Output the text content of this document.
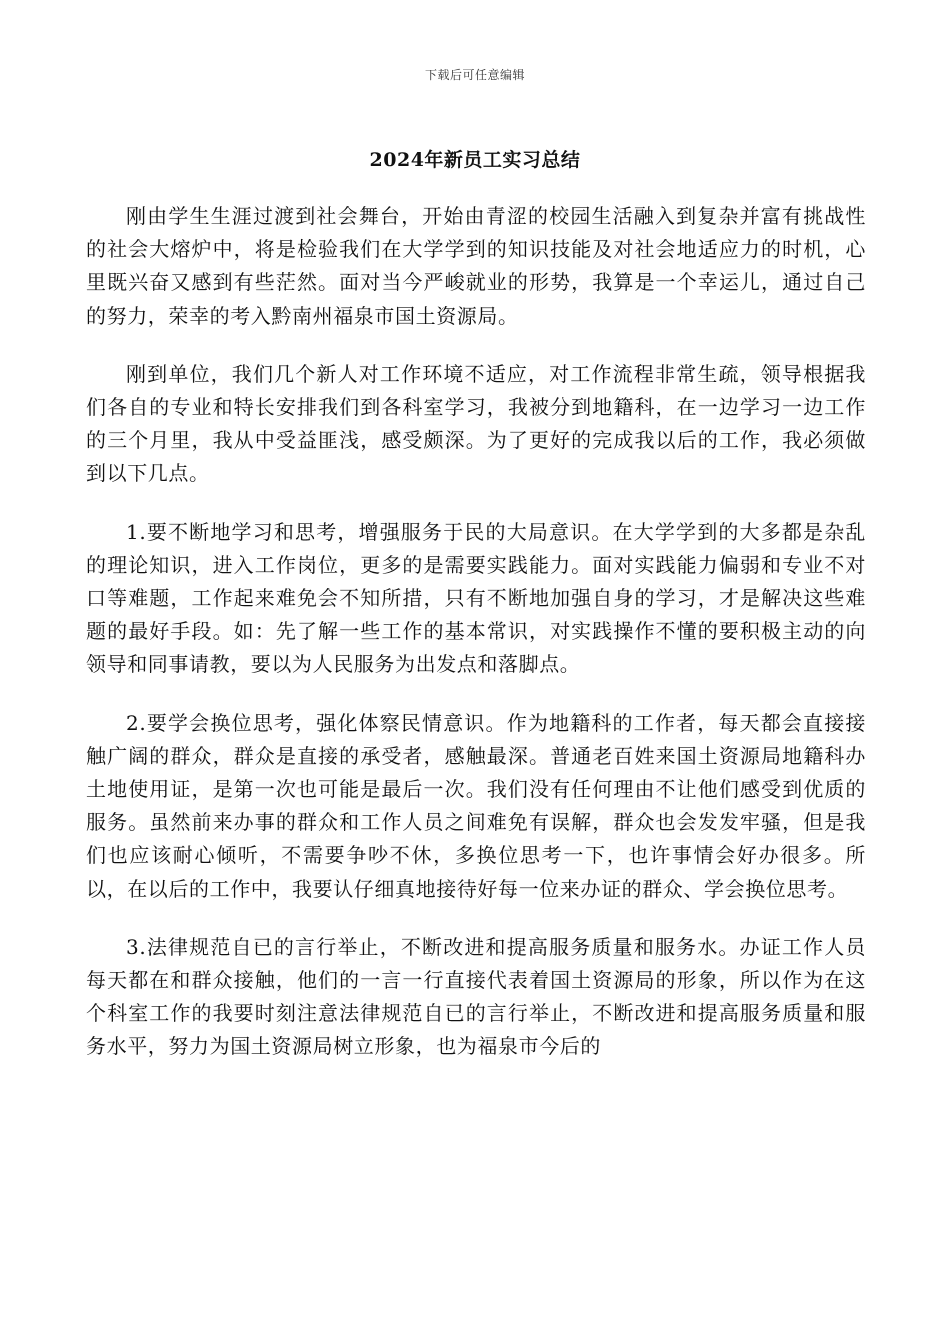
下载后可任意编辑
2024年新员工实习总结

刚由学生生涯过渡到社会舞台，开始由青涩的校园生活融入到复杂并富有挑战性的社会大熔炉中，将是检验我们在大学学到的知识技能及对社会地适应力的时机，心里既兴奋又感到有些茫然。面对当今严峻就业的形势，我算是一个幸运儿，通过自己的努力，荣幸的考入黔南州福泉市国土资源局。

刚到单位，我们几个新人对工作环境不适应，对工作流程非常生疏，领导根据我们各自的专业和特长安排我们到各科室学习，我被分到地籍科，在一边学习一边工作的三个月里，我从中受益匪浅，感受颇深。为了更好的完成我以后的工作，我必须做到以下几点。

1.要不断地学习和思考，增强服务于民的大局意识。在大学学到的大多都是杂乱的理论知识，进入工作岗位，更多的是需要实践能力。面对实践能力偏弱和专业不对口等难题，工作起来难免会不知所措，只有不断地加强自身的学习，才是解决这些难题的最好手段。如：先了解一些工作的基本常识，对实践操作不懂的要积极主动的向领导和同事请教，要以为人民服务为出发点和落脚点。

2.要学会换位思考，强化体察民情意识。作为地籍科的工作者，每天都会直接接触广阔的群众，群众是直接的承受者，感触最深。普通老百姓来国土资源局地籍科办土地使用证，是第一次也可能是最后一次。我们没有任何理由不让他们感受到优质的服务。虽然前来办事的群众和工作人员之间难免有误解，群众也会发发牢骚，但是我们也应该耐心倾听，不需要争吵不休，多换位思考一下，也许事情会好办很多。所以，在以后的工作中，我要认仔细真地接待好每一位来办证的群众、学会换位思考。

3.法律规范自已的言行举止，不断改进和提高服务质量和服务水。办证工作人员每天都在和群众接触，他们的一言一行直接代表着国土资源局的形象，所以作为在这个科室工作的我要时刻注意法律规范自已的言行举止，不断改进和提高服务质量和服务水平，努力为国土资源局树立形象，也为福泉市今后的
